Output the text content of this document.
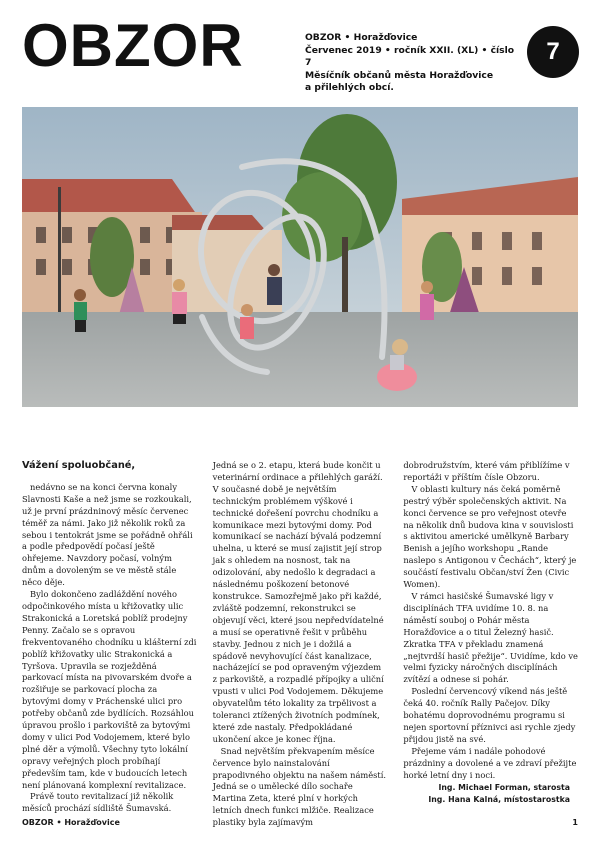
OBZOR	OBZOR • Horažďovice
Červenec 2019 • ročník XXII. (XL) • číslo 7
Měsíčník občanů města Horažďovice
a přilehlých obcí.
7

Vážení spoluobčané,

nedávno se na konci června konaly Slavnosti Kaše a než jsme se rozkoukali, už je první prázdninový měsíc červenec téměř za námi. Jako již několik roků za sebou i tentokrát jsme se pořádně ohřáli a podle předpovědí počasí ještě ohřejeme. Navzdory počasí, volným dnům a dovoleným se ve městě stále něco děje.

Bylo dokončeno zadláždění nového odpočinkového místa u křižovatky ulic Strakonická a Loretská poblíž prodejny Penny. Začalo se s opravou frekventovaného chodníku u klášterní zdi poblíž křižovatky ulic Strakonická a Tyršova. Upravila se rozježděná parkovací místa na pivovarském dvoře a rozšiřuje se parkovací plocha za bytovými domy v Práchenské ulici pro potřeby občanů zde bydlících. Rozsáhlou úpravou prošlo i parkoviště za bytovými domy v ulici Pod Vodojemem, které bylo plné děr a výmolů. Všechny tyto lokální opravy veřejných ploch probíhají především tam, kde v budoucích letech není plánovaná komplexní revitalizace.

Právě touto revitalizací již několik měsíců prochází sídliště Šumavská.

Jedná se o 2. etapu, která bude končit u veterinární ordinace a přilehlých garáží. V současné době je největším technickým problémem výškové i technické dořešení povrchu chodníku a komunikace mezi bytovými domy. Pod komunikací se nachází bývalá podzemní uhelna, u které se musí zajistit její strop jak s ohledem na nosnost, tak na odizolování, aby nedošlo k degradaci a následnému poškození betonové konstrukce. Samozřejmě jako při každé, zvláště podzemní, rekonstrukci se objevují věci, které jsou nepředvídatelné a musí se operativně řešit v průběhu stavby. Jednou z nich je i dožilá a spádově nevyhovující část kanalizace, nacházející se pod opraveným výjezdem z parkoviště, a rozpadlé přípojky a uliční vpusti v ulici Pod Vodojemem. Děkujeme obyvatelům této lokality za trpělivost a toleranci ztížených životních podmínek, které zde nastaly. Předpokládané ukončení akce je konec října.

Snad největším překvapením měsíce července bylo nainstalování prapodivného objektu na našem náměstí. Jedná se o umělecké dílo sochaře Martina Zeta, které plní v horkých letních dnech funkci mlžiče. Realizace plastiky byla zajímavým

dobrodružstvím, které vám přiblížíme v reportáži v příštím čísle Obzoru.

V oblasti kultury nás čeká poměrně pestrý výběr společenských aktivit. Na konci července se pro veřejnost otevře na několik dnů budova kina v souvislosti s aktivitou americké umělkyně Barbary Benish a jejího workshopu „Rande naslepo s Antigonou v Čechách“, který je součástí festivalu Občan/ství Žen (Civic Women).

V rámci hasičské Šumavské ligy v disciplínách TFA uvidíme 10. 8. na náměstí souboj o Pohár města Horažďovice a o titul Železný hasič. Zkratka TFA v překladu znamená „nejtvrdší hasič přežije“. Uvidíme, kdo ve velmi fyzicky náročných disciplínách zvítězí a odnese si pohár.

Poslední červencový víkend nás ještě čeká 40. ročník Rally Pačejov. Díky bohatému doprovodnému programu si nejen sportovní příznivci asi rychle zjedy přijdou jistě na své.

Přejeme vám i nadále pohodové prázdniny a dovolené a ve zdraví přežijte horké letní dny i noci.

Ing. Michael Forman, starosta
Ing. Hana Kalná, místostarostka
OBZOR • Horažďovice	1
